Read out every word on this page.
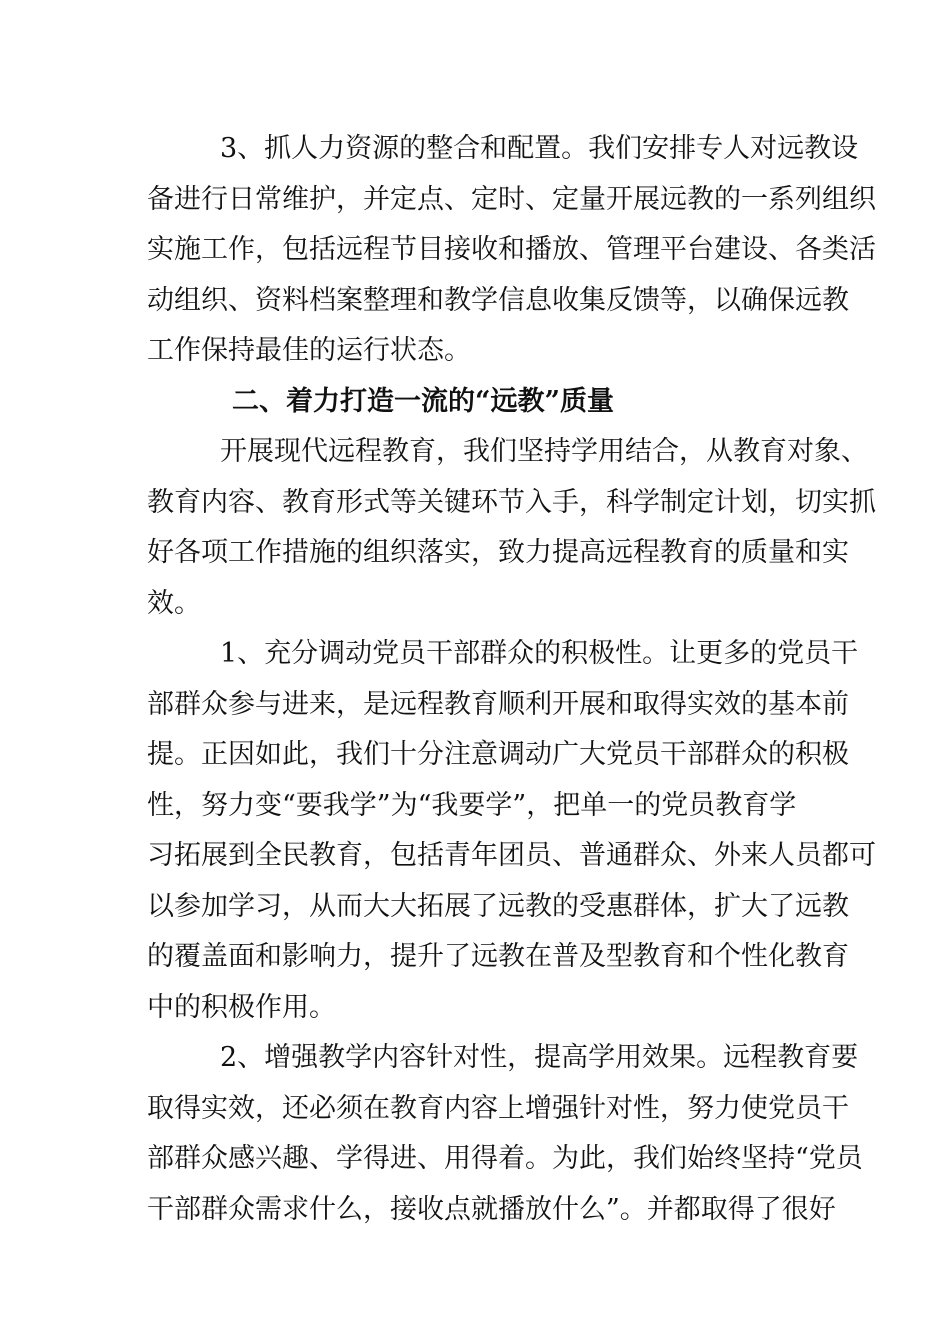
3、抓人力资源的整合和配置。我们安排专人对远教设
备进行日常维护，并定点、定时、定量开展远教的一系列组织
实施工作，包括远程节目接收和播放、管理平台建设、各类活
动组织、资料档案整理和教学信息收集反馈等，以确保远教
工作保持最佳的运行状态。
二、着力打造一流的“远教”质量
开展现代远程教育，我们坚持学用结合，从教育对象、
教育内容、教育形式等关键环节入手，科学制定计划，切实抓
好各项工作措施的组织落实，致力提高远程教育的质量和实
效。
1、充分调动党员干部群众的积极性。让更多的党员干
部群众参与进来，是远程教育顺利开展和取得实效的基本前
提。正因如此，我们十分注意调动广大党员干部群众的积极
性，努力变“要我学”为“我要学”，把单一的党员教育学
习拓展到全民教育，包括青年团员、普通群众、外来人员都可
以参加学习，从而大大拓展了远教的受惠群体，扩大了远教
的覆盖面和影响力，提升了远教在普及型教育和个性化教育
中的积极作用。
2、增强教学内容针对性，提高学用效果。远程教育要
取得实效，还必须在教育内容上增强针对性，努力使党员干
部群众感兴趣、学得进、用得着。为此，我们始终坚持“党员
干部群众需求什么，接收点就播放什么”。并都取得了很好
